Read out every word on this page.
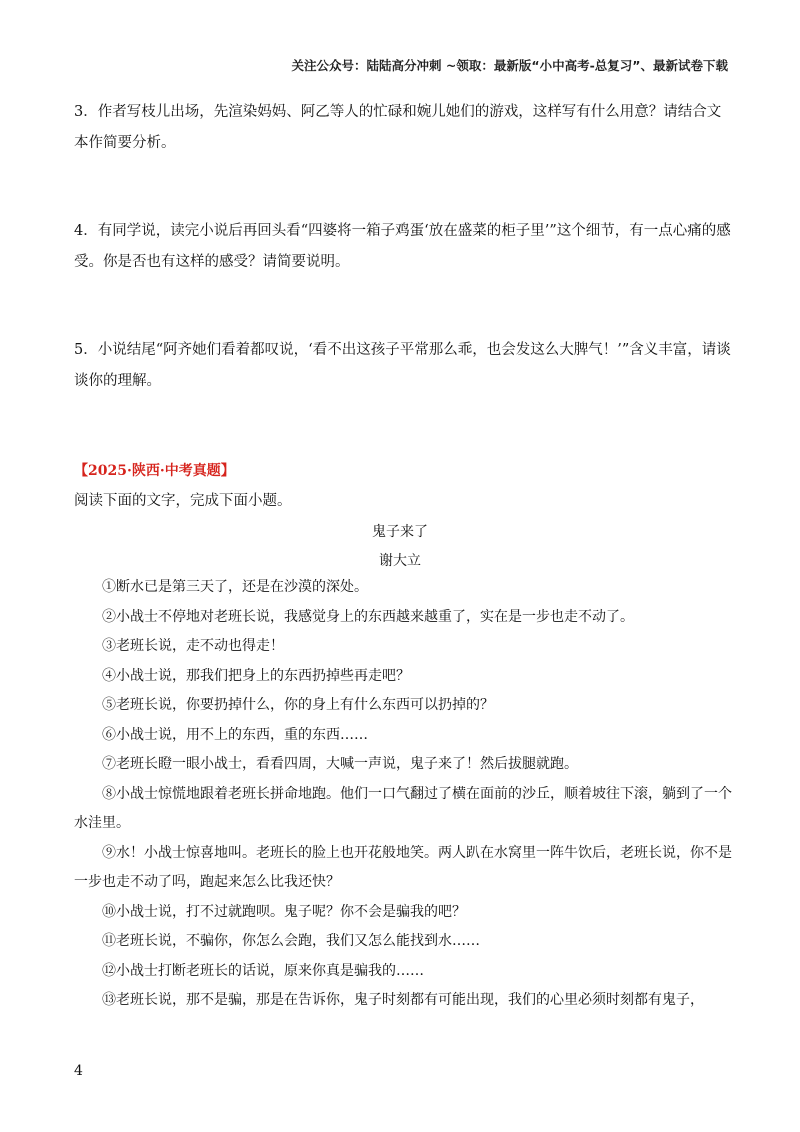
关注公众号：陆陆高分冲刺 ~领取：最新版“小中高考-总复习”、最新试卷下载
3．作者写枝儿出场，先渲染妈妈、阿乙等人的忙碌和婉儿她们的游戏，这样写有什么用意？请结合文本作简要分析。
4．有同学说，读完小说后再回头看“四婆将一箱子鸡蛋‘放在盛菜的柜子里’”这个细节，有一点心痛的感受。你是否也有这样的感受？请简要说明。
5．小说结尾“阿齐她们看着都叹说，‘看不出这孩子平常那么乖，也会发这么大脾气！’”含义丰富，请谈谈你的理解。
【2025·陕西·中考真题】
阅读下面的文字，完成下面小题。
鬼子来了
谢大立

①断水已是第三天了，还是在沙漠的深处。

②小战士不停地对老班长说，我感觉身上的东西越来越重了，实在是一步也走不动了。

③老班长说，走不动也得走！

④小战士说，那我们把身上的东西扔掉些再走吧？

⑤老班长说，你要扔掉什么，你的身上有什么东西可以扔掉的？

⑥小战士说，用不上的东西，重的东西……

⑦老班长瞪一眼小战士，看看四周，大喊一声说，鬼子来了！然后拔腿就跑。

⑧小战士惊慌地跟着老班长拼命地跑。他们一口气翻过了横在面前的沙丘，顺着坡往下滚，躺到了一个水洼里。

⑨水！小战士惊喜地叫。老班长的脸上也开花般地笑。两人趴在水窝里一阵牛饮后，老班长说，你不是一步也走不动了吗，跑起来怎么比我还快？

⑩小战士说，打不过就跑呗。鬼子呢？你不会是骗我的吧？

⑪老班长说，不骗你，你怎么会跑，我们又怎么能找到水……

⑫小战士打断老班长的话说，原来你真是骗我的……

⑬老班长说，那不是骗，那是在告诉你，鬼子时刻都有可能出现，我们的心里必须时刻都有鬼子，

4
